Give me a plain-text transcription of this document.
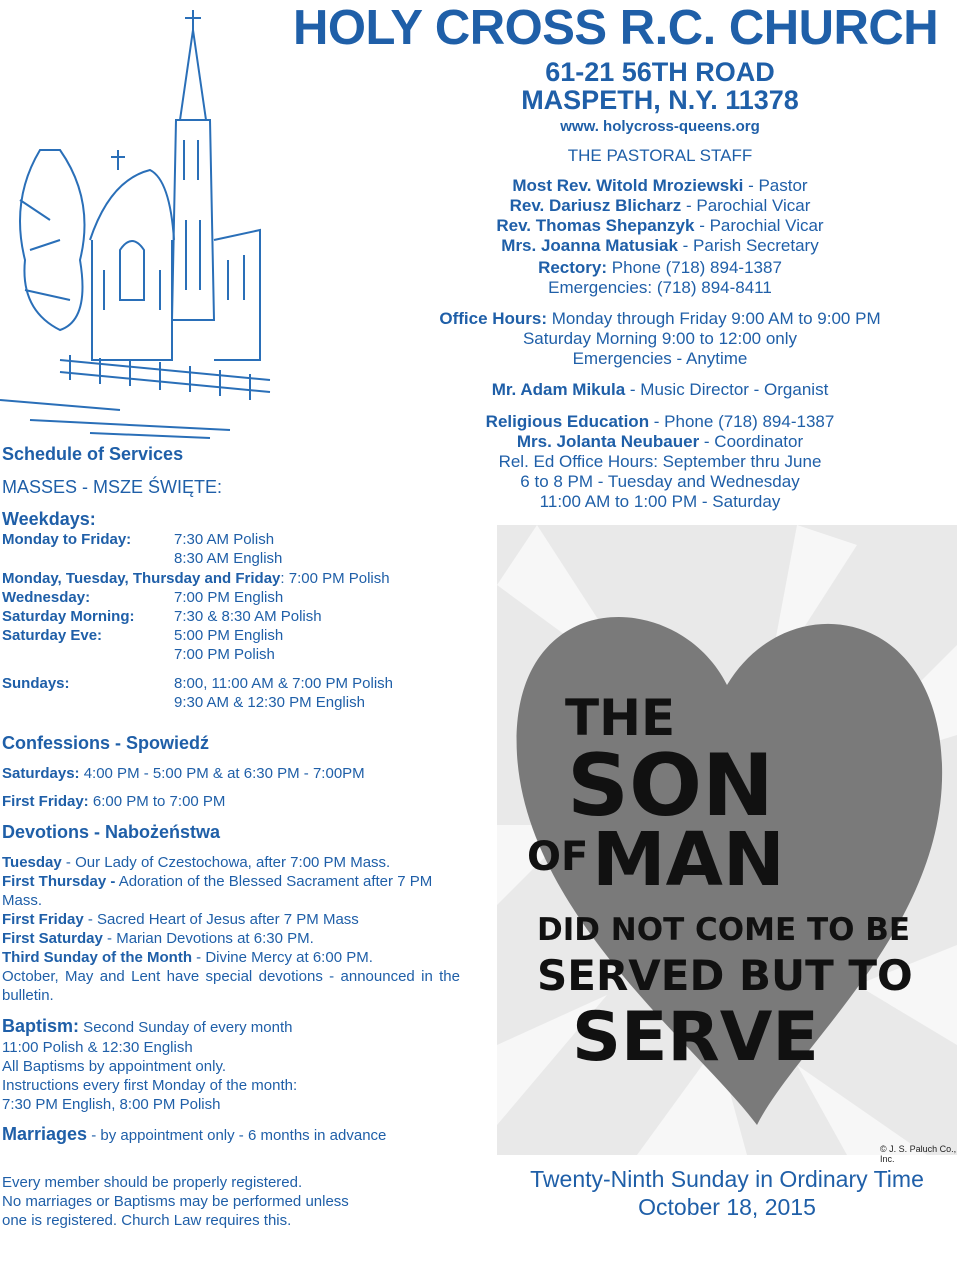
HOLY CROSS R.C. CHURCH
61-21 56TH ROAD
MASPETH, N.Y. 11378
www. holycross-queens.org
THE PASTORAL STAFF
Most Rev. Witold Mroziewski - Pastor
Rev. Dariusz Blicharz - Parochial Vicar
Rev. Thomas Shepanzyk - Parochial Vicar
Mrs. Joanna Matusiak - Parish Secretary
Rectory: Phone (718) 894-1387
Emergencies: (718) 894-8411
Office Hours: Monday through Friday 9:00 AM to 9:00 PM
Saturday Morning 9:00 to 12:00 only
Emergencies - Anytime
Mr. Adam Mikula - Music Director - Organist
Religious Education - Phone (718) 894-1387
Mrs. Jolanta Neubauer - Coordinator
Rel. Ed Office Hours: September thru June
6 to 8 PM - Tuesday and Wednesday
11:00 AM to 1:00 PM - Saturday
Schedule of Services
MASSES - MSZE ŚWIĘTE:
Weekdays:
Monday to Friday:	7:30 AM Polish
8:30 AM English
Monday, Tuesday, Thursday and Friday: 7:00 PM Polish
Wednesday:	7:00 PM English
Saturday Morning:	7:30 & 8:30 AM Polish
Saturday Eve:	5:00 PM English
7:00 PM Polish
Sundays:	8:00, 11:00 AM & 7:00 PM Polish
9:30 AM & 12:30 PM English
Confessions - Spowiedź
Saturdays: 4:00 PM - 5:00 PM & at 6:30 PM - 7:00PM
First Friday: 6:00 PM to 7:00 PM
Devotions - Nabożeństwa
Tuesday - Our Lady of Czestochowa, after 7:00 PM Mass.
First Thursday - Adoration of the Blessed Sacrament after 7 PM Mass.
First Friday - Sacred Heart of Jesus after 7 PM Mass
First Saturday - Marian Devotions at 6:30 PM.
Third Sunday of the Month - Divine Mercy at 6:00 PM.
October, May and Lent have special devotions - announced in the bulletin.
Baptism: Second Sunday of every month
11:00 Polish & 12:30 English
All Baptisms by appointment only.
Instructions every first Monday of the month:
7:30 PM English, 8:00 PM Polish
Marriages - by appointment only - 6 months in advance
Every member should be properly registered.
No marriages or Baptisms may be performed unless
one is registered. Church Law requires this.
THE
SON
OF MAN
DID NOT COME TO BE
SERVED BUT TO
SERVE
© J. S. Paluch Co., Inc.
Twenty-Ninth Sunday in Ordinary Time
October 18, 2015
